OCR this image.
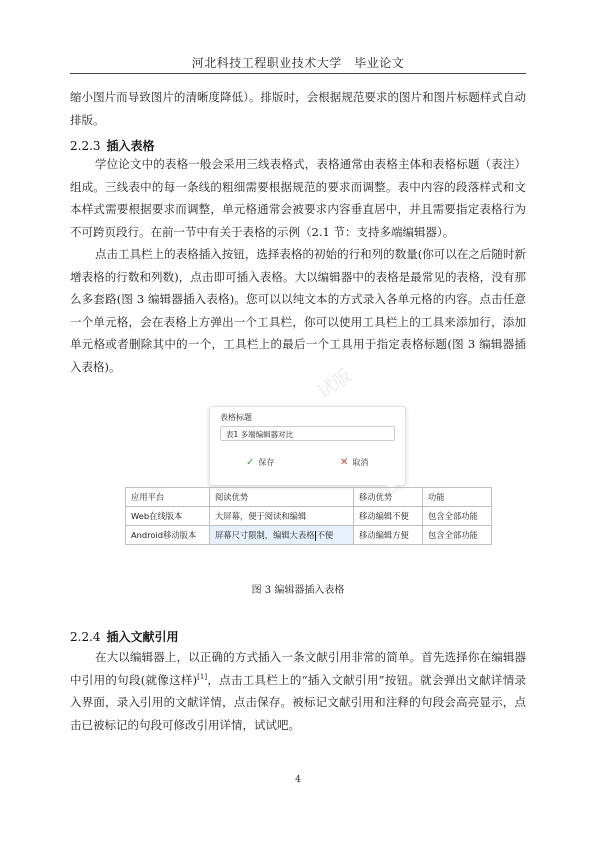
河北科技工程职业技术大学　毕业论文

缩小图片而导致图片的清晰度降低）。排版时，会根据规范要求的图片和图片标题样式自动排版。

2.2.3 插入表格

学位论文中的表格一般会采用三线表格式，表格通常由表格主体和表格标题（表注）组成。三线表中的每一条线的粗细需要根据规范的要求而调整。表中内容的段落样式和文本样式需要根据要求而调整，单元格通常会被要求内容垂直居中，并且需要指定表格行为不可跨页段行。在前一节中有关于表格的示例（2.1 节：支持多端编辑器）。

点击工具栏上的表格插入按钮，选择表格的初始的行和列的数量(你可以在之后随时新增表格的行数和列数)，点击即可插入表格。大以编辑器中的表格是最常见的表格，没有那么多套路(图 3 编辑器插入表格)。您可以以纯文本的方式录入各单元格的内容。点击任意一个单元格，会在表格上方弹出一个工具栏，你可以使用工具栏上的工具来添加行，添加单元格或者删除其中的一个，工具栏上的最后一个工具用于指定表格标题(图 3 编辑器插入表格)。	试版
表格标题
表1 多端编辑器对比
✓ 保存	✕ 取消
应用平台	阅读优势	移动优势	功能
Web在线版本	大屏幕，便于阅读和编辑	移动编辑不便	包含全部功能
Android移动版本	屏幕尺寸限制，编辑大表格 不便	移动编辑方便	包含全部功能
图 3 编辑器插入表格
2.2.4 插入文献引用

在大以编辑器上，以正确的方式插入一条文献引用非常的简单。首先选择你在编辑器中引用的句段(就像这样)[1]，点击工具栏上的“插入文献引用”按钮。就会弹出文献详情录入界面，录入引用的文献详情，点击保存。被标记文献引用和注释的句段会高亮显示，点击已被标记的句段可修改引用详情，试试吧。

4
